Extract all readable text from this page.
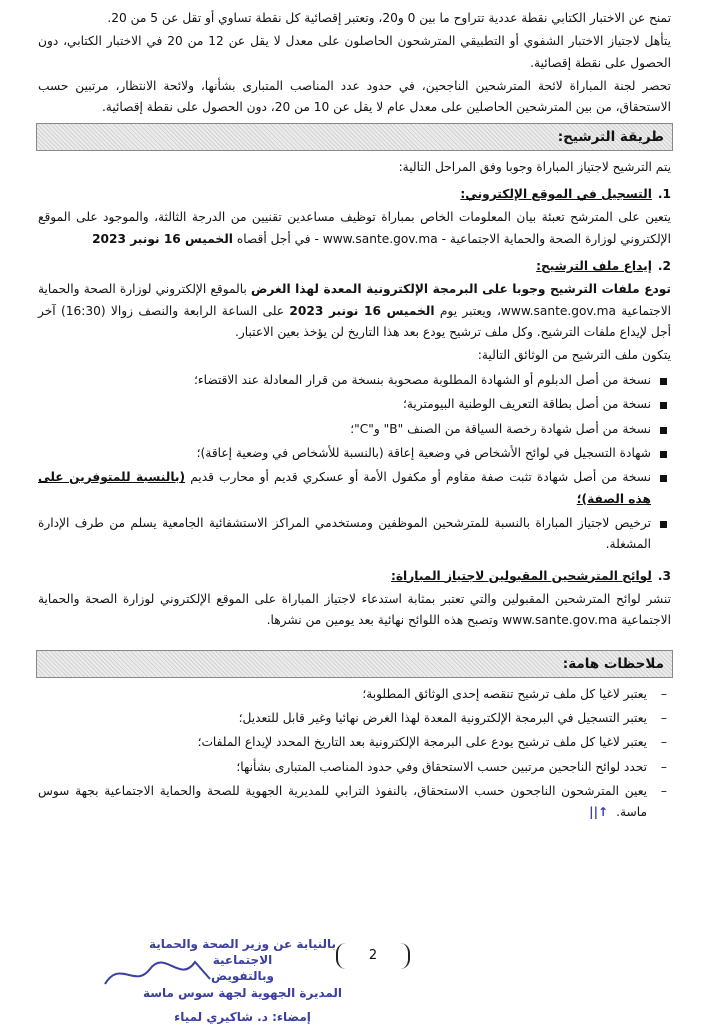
تمنح عن الاختبار الكتابي نقطة عددية تتراوح ما بين 0 و20، وتعتبر إقصائية كل نقطة تساوي أو تقل عن 5 من 20.

يتأهل لاجتياز الاختبار الشفوي أو التطبيقي المترشحون الحاصلون على معدل لا يقل عن 12 من 20 في الاختبار الكتابي، دون الحصول على نقطة إقصائية.

تحصر لجنة المباراة لائحة المترشحين الناجحين، في حدود عدد المناصب المتبارى بشأنها، ولائحة الانتظار، مرتبين حسب الاستحقاق، من بين المترشحين الحاصلين على معدل عام لا يقل عن 10 من 20، دون الحصول على نقطة إقصائية.

طريقة الترشيح:

يتم الترشيح لاجتياز المباراة وجوبا وفق المراحل التالية:

1.التسجيل في الموقع الإلكتروني:

يتعين على المترشح تعبئة بيان المعلومات الخاص بمباراة توظيف مساعدين تقنيين من الدرجة الثالثة، والموجود على الموقع الإلكتروني لوزارة الصحة والحماية الاجتماعية - www.sante.gov.ma - في أجل أقصاه الخميس 16 نونبر 2023

2.إيداع ملف الترشيح:

تودع ملفات الترشيح وجوبا على البرمجة الإلكترونية المعدة لهذا الغرض بالموقع الإلكتروني لوزارة الصحة والحماية الاجتماعية www.sante.gov.ma، ويعتبر يوم الخميس 16 نونبر 2023 على الساعة الرابعة والنصف زوالا (16:30) آخر أجل لإيداع ملفات الترشيح. وكل ملف ترشيح يودع بعد هذا التاريخ لن يؤخذ بعين الاعتبار.

يتكون ملف الترشيح من الوثائق التالية:

نسخة من أصل الدبلوم أو الشهادة المطلوبة مصحوبة بنسخة من قرار المعادلة عند الاقتضاء؛
نسخة من أصل بطاقة التعريف الوطنية البيومترية؛
نسخة من أصل شهادة رخصة السياقة من الصنف "B" و"C"؛
شهادة التسجيل في لوائح الأشخاص في وضعية إعاقة (بالنسبة للأشخاص في وضعية إعاقة)؛
نسخة من أصل شهادة تثبت صفة مقاوم أو مكفول الأمة أو عسكري قديم أو محارب قديم (بالنسبة للمتوفرين على هذه الصفة)؛
ترخيص لاجتياز المباراة بالنسبة للمترشحين الموظفين ومستخدمي المراكز الاستشفائية الجامعية يسلم من طرف الإدارة المشغلة.
3.لوائح المترشحين المقبولين لاجتياز المباراة:

تنشر لوائح المترشحين المقبولين والتي تعتبر بمثابة استدعاء لاجتياز المباراة على الموقع الإلكتروني لوزارة الصحة والحماية الاجتماعية www.sante.gov.ma وتصبح هذه اللوائح نهائية بعد يومين من نشرها.

ملاحظات هامة:
– يعتبر لاغيا كل ملف ترشيح تنقصه إحدى الوثائق المطلوبة؛
– يعتبر التسجيل في البرمجة الإلكترونية المعدة لهذا الغرض نهائيا وغير قابل للتعديل؛
– يعتبر لاغيا كل ملف ترشيح يودع على البرمجة الإلكترونية بعد التاريخ المحدد لإيداع الملفات؛
– تحدد لوائح الناجحين مرتبين حسب الاستحقاق وفي حدود المناصب المتبارى بشأنها؛
– يعين المترشحون الناجحون حسب الاستحقاق، بالنفوذ الترابي للمديرية الجهوية للصحة والحماية الاجتماعية بجهة سوس ماسة. ↑||
بالنيابة عن وزير الصحة والحماية الاجتماعية
وبالتفويض
المديرة الجهوية لجهة سوس ماسة
إمضاء: د. شاكيري لمياء
2
